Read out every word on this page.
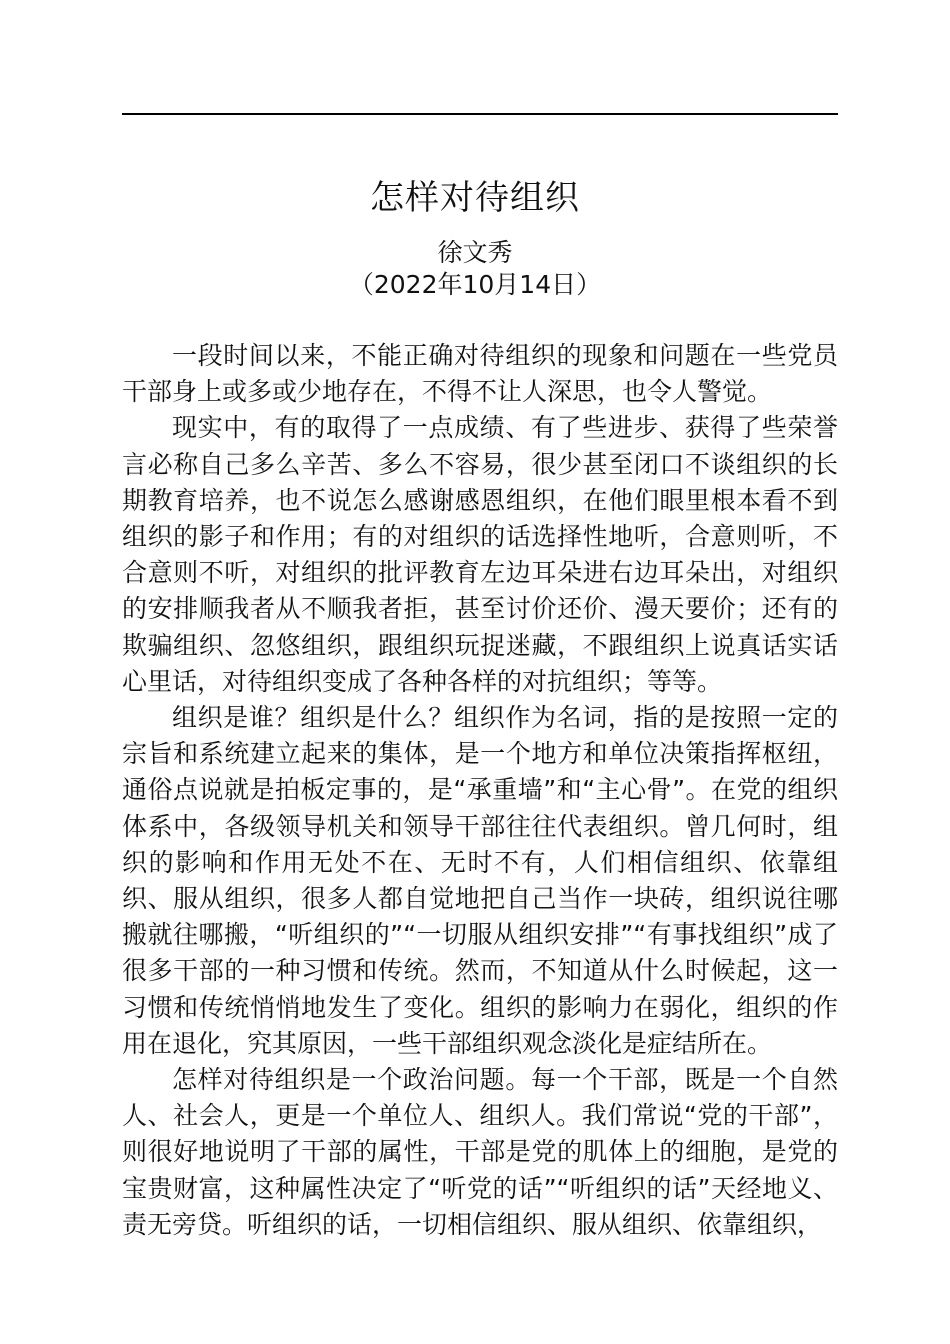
怎样对待组织
徐文秀
（2022年10月14日）

一段时间以来，不能正确对待组织的现象和问题在一些党员干部身上或多或少地存在，不得不让人深思，也令人警觉。

现实中，有的取得了一点成绩、有了些进步、获得了些荣誉言必称自己多么辛苦、多么不容易，很少甚至闭口不谈组织的长期教育培养，也不说怎么感谢感恩组织，在他们眼里根本看不到组织的影子和作用；有的对组织的话选择性地听，合意则听，不合意则不听，对组织的批评教育左边耳朵进右边耳朵出，对组织的安排顺我者从不顺我者拒，甚至讨价还价、漫天要价；还有的欺骗组织、忽悠组织，跟组织玩捉迷藏，不跟组织上说真话实话心里话，对待组织变成了各种各样的对抗组织；等等。

组织是谁？组织是什么？组织作为名词，指的是按照一定的宗旨和系统建立起来的集体，是一个地方和单位决策指挥枢纽，通俗点说就是拍板定事的，是“承重墙”和“主心骨”。在党的组织体系中，各级领导机关和领导干部往往代表组织。曾几何时，组织的影响和作用无处不在、无时不有，人们相信组织、依靠组织、服从组织，很多人都自觉地把自己当作一块砖，组织说往哪搬就往哪搬，“听组织的”“一切服从组织安排”“有事找组织”成了很多干部的一种习惯和传统。然而，不知道从什么时候起，这一习惯和传统悄悄地发生了变化。组织的影响力在弱化，组织的作用在退化，究其原因，一些干部组织观念淡化是症结所在。

怎样对待组织是一个政治问题。每一个干部，既是一个自然人、社会人，更是一个单位人、组织人。我们常说“党的干部”，则很好地说明了干部的属性，干部是党的肌体上的细胞，是党的宝贵财富，这种属性决定了“听党的话”“听组织的话”天经地义、责无旁贷。听组织的话，一切相信组织、服从组织、依靠组织，
